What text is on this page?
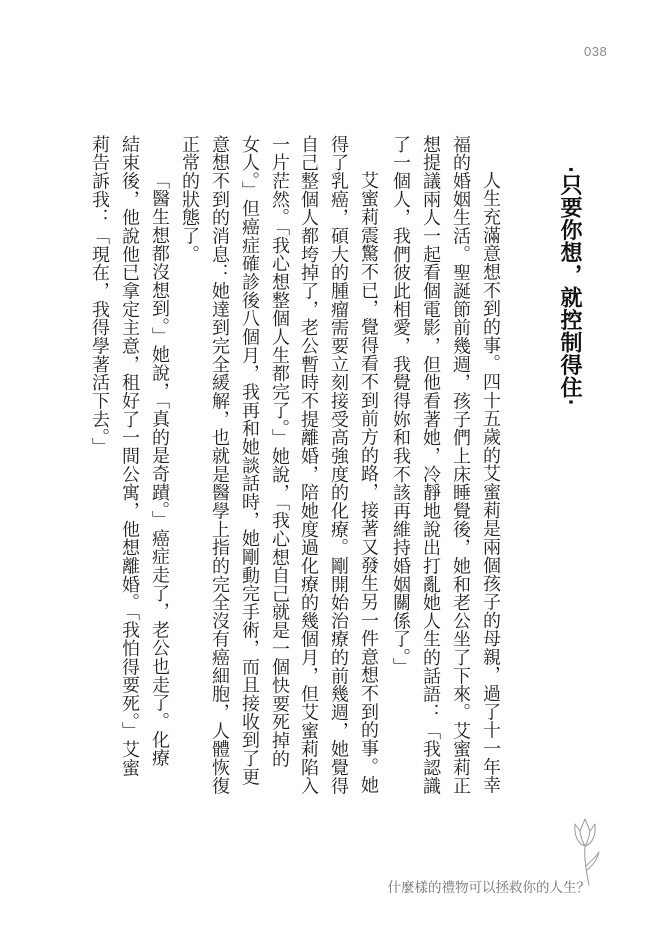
038
‧只要你想，就控制得住‧
人生充滿意想不到的事。四十五歲的艾蜜莉是兩個孩子的母親，過了十一年幸
福的婚姻生活。聖誕節前幾週，孩子們上床睡覺後，她和老公坐了下來。艾蜜莉正
想提議兩人一起看個電影，但他看著她，冷靜地說出打亂她人生的話語：「我認識
了一個人，我們彼此相愛，我覺得妳和我不該再維持婚姻關係了。」
艾蜜莉震驚不已，覺得看不到前方的路，接著又發生另一件意想不到的事。她
得了乳癌，碩大的腫瘤需要立刻接受高強度的化療。剛開始治療的前幾週，她覺得
自己整個人都垮掉了，老公暫時不提離婚，陪她度過化療的幾個月，但艾蜜莉陷入
一片茫然。「我心想整個人生都完了。」她說，「我心想自己就是一個快要死掉的
女人。」但癌症確診後八個月，我再和她談話時，她剛動完手術，而且接收到了更
意想不到的消息：她達到完全緩解，也就是醫學上指的完全沒有癌細胞，人體恢復
正常的狀態了。
「醫生想都沒想到。」她說，「真的是奇蹟。」癌症走了，老公也走了。化療
結束後，他說他已拿定主意，租好了一間公寓，他想離婚。「我怕得要死。」艾蜜
莉告訴我：「現在，我得學著活下去。」
什麼樣的禮物可以拯救你的人生？
